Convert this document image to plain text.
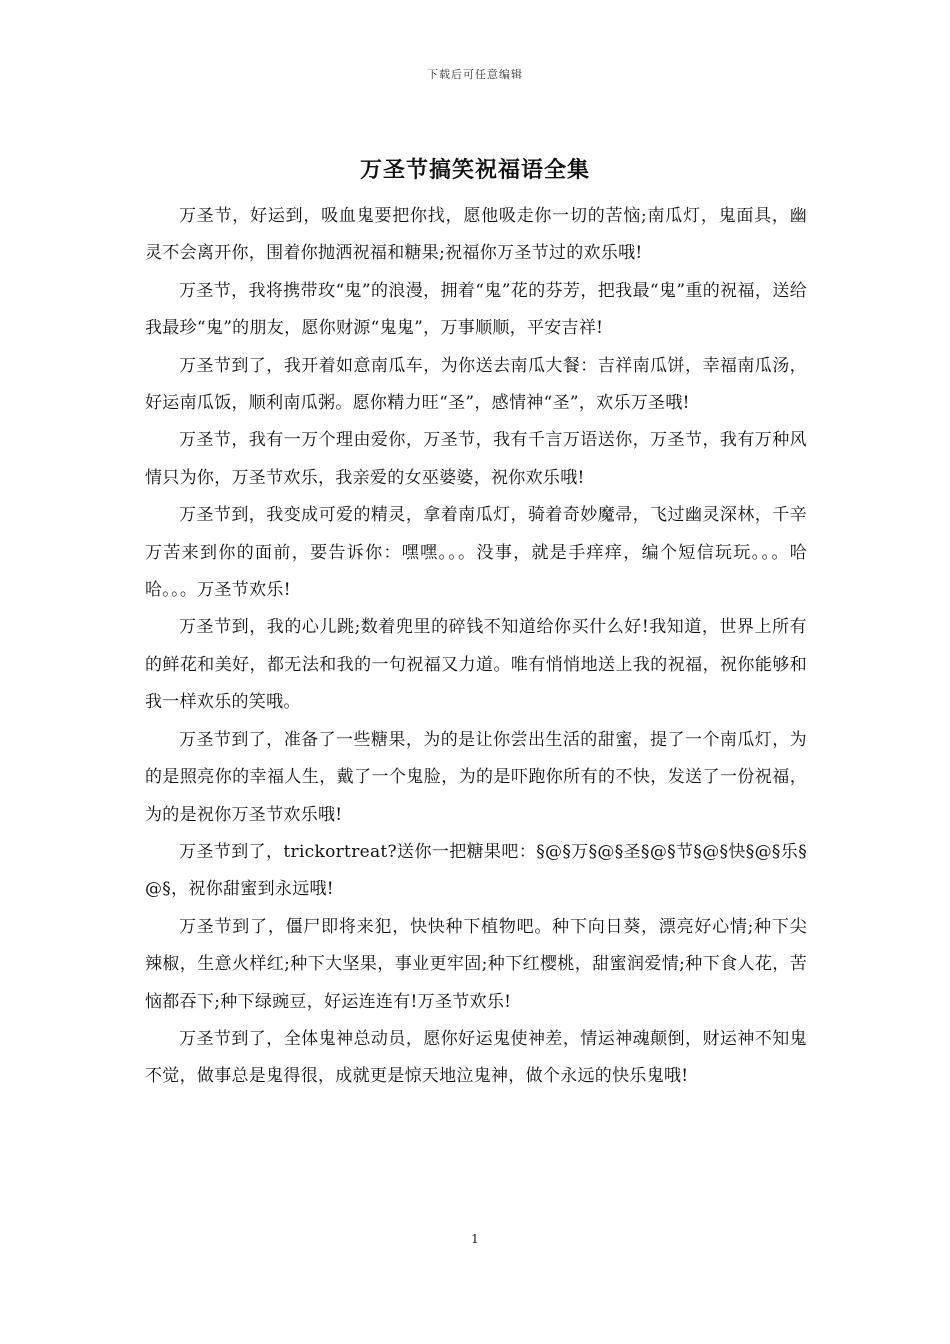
下载后可任意编辑
万圣节搞笑祝福语全集

万圣节，好运到，吸血鬼要把你找，愿他吸走你一切的苦恼;南瓜灯，鬼面具，幽灵不会离开你，围着你抛洒祝福和糖果;祝福你万圣节过的欢乐哦!

万圣节，我将携带玫“鬼”的浪漫，拥着“鬼”花的芬芳，把我最“鬼”重的祝福，送给我最珍“鬼”的朋友，愿你财源“鬼鬼”，万事顺顺，平安吉祥!

万圣节到了，我开着如意南瓜车，为你送去南瓜大餐：吉祥南瓜饼，幸福南瓜汤，好运南瓜饭，顺利南瓜粥。愿你精力旺“圣”，感情神“圣”，欢乐万圣哦!

万圣节，我有一万个理由爱你，万圣节，我有千言万语送你，万圣节，我有万种风情只为你，万圣节欢乐，我亲爱的女巫婆婆，祝你欢乐哦!

万圣节到，我变成可爱的精灵，拿着南瓜灯，骑着奇妙魔帚，飞过幽灵深林，千辛万苦来到你的面前，要告诉你：嘿嘿。。。没事，就是手痒痒，编个短信玩玩。。。哈哈。。。万圣节欢乐!

万圣节到，我的心儿跳;数着兜里的碎钱不知道给你买什么好!我知道，世界上所有的鲜花和美好，都无法和我的一句祝福又力道。唯有悄悄地送上我的祝福，祝你能够和我一样欢乐的笑哦。

万圣节到了，准备了一些糖果，为的是让你尝出生活的甜蜜，提了一个南瓜灯，为的是照亮你的幸福人生，戴了一个鬼脸，为的是吓跑你所有的不快，发送了一份祝福，为的是祝你万圣节欢乐哦!

万圣节到了，trickortreat?送你一把糖果吧：§@§万§@§圣§@§节§@§快§@§乐§@§，祝你甜蜜到永远哦!

万圣节到了，僵尸即将来犯，快快种下植物吧。种下向日葵，漂亮好心情;种下尖辣椒，生意火样红;种下大坚果，事业更牢固;种下红樱桃，甜蜜润爱情;种下食人花，苦恼都吞下;种下绿豌豆，好运连连有!万圣节欢乐!

万圣节到了，全体鬼神总动员，愿你好运鬼使神差，情运神魂颠倒，财运神不知鬼不觉，做事总是鬼得很，成就更是惊天地泣鬼神，做个永远的快乐鬼哦!

1
